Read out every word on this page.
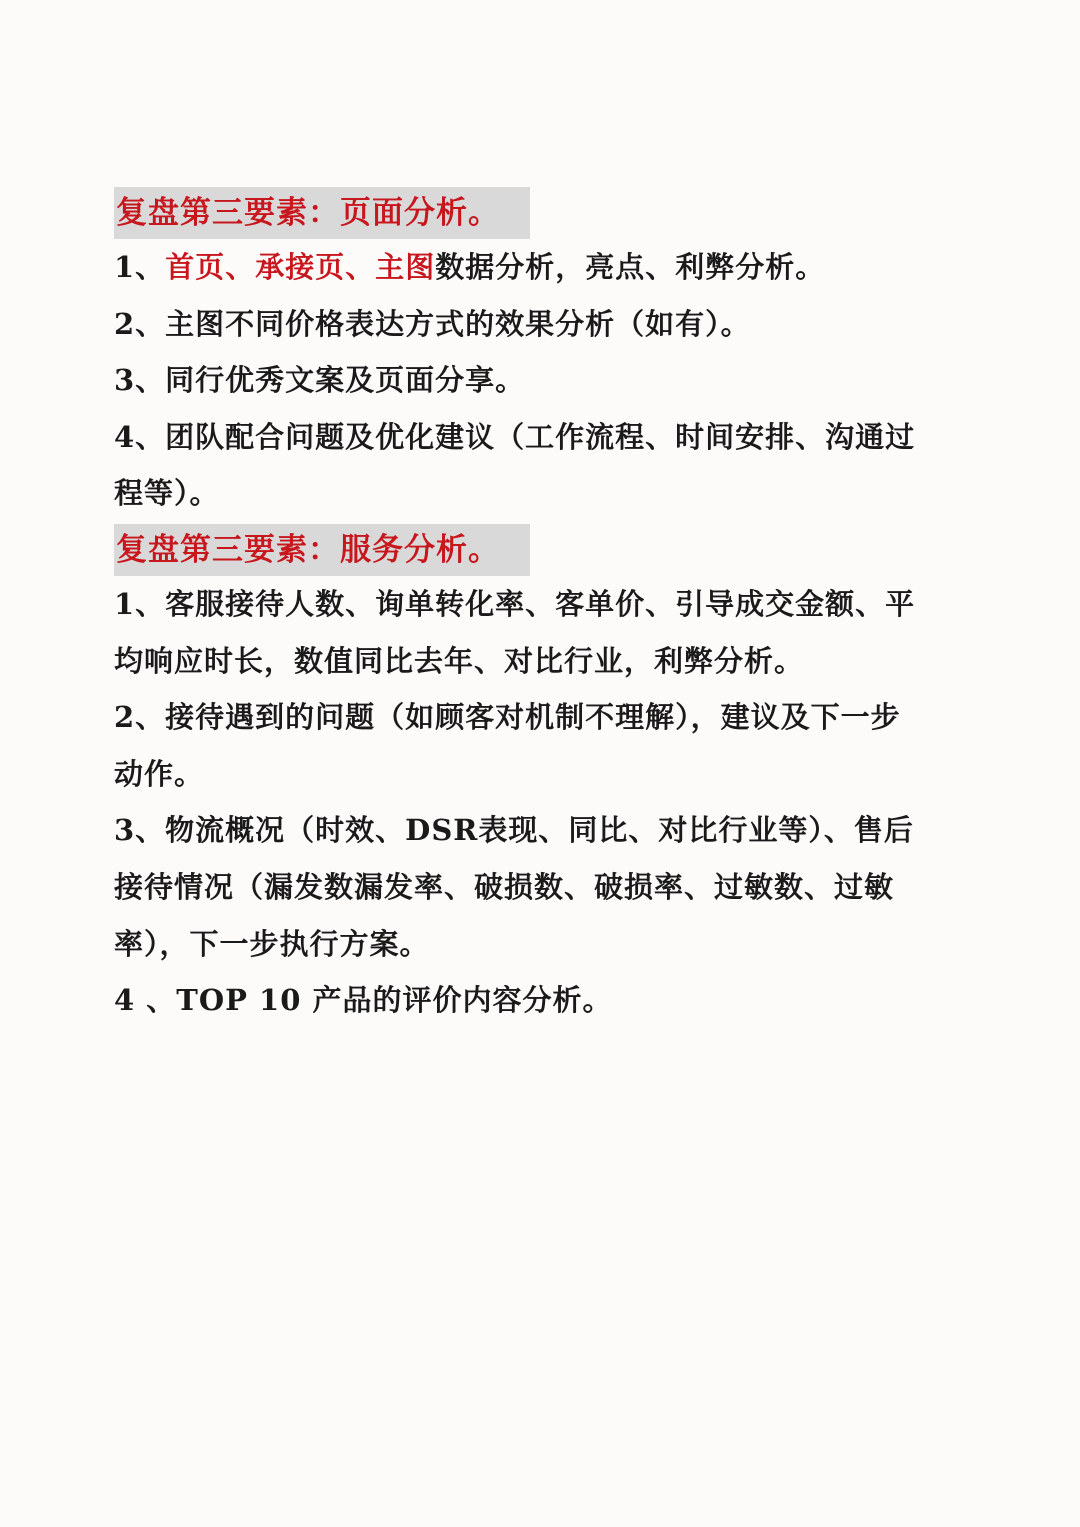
复盘第三要素：页面分析。
1、首页、承接页、主图数据分析，亮点、利弊分析。
2、主图不同价格表达方式的效果分析（如有）。
3、同行优秀文案及页面分享。
4、团队配合问题及优化建议（工作流程、时间安排、沟通过
程等）。
复盘第三要素：服务分析。
1、客服接待人数、询单转化率、客单价、引导成交金额、平
均响应时长，数值同比去年、对比行业，利弊分析。
2、接待遇到的问题（如顾客对机制不理解），建议及下一步
动作。
3、物流概况（时效、DSR表现、同比、对比行业等）、售后
接待情况（漏发数漏发率、破损数、破损率、过敏数、过敏
率），下一步执行方案。
4 、TOP 10 产品的评价内容分析。
